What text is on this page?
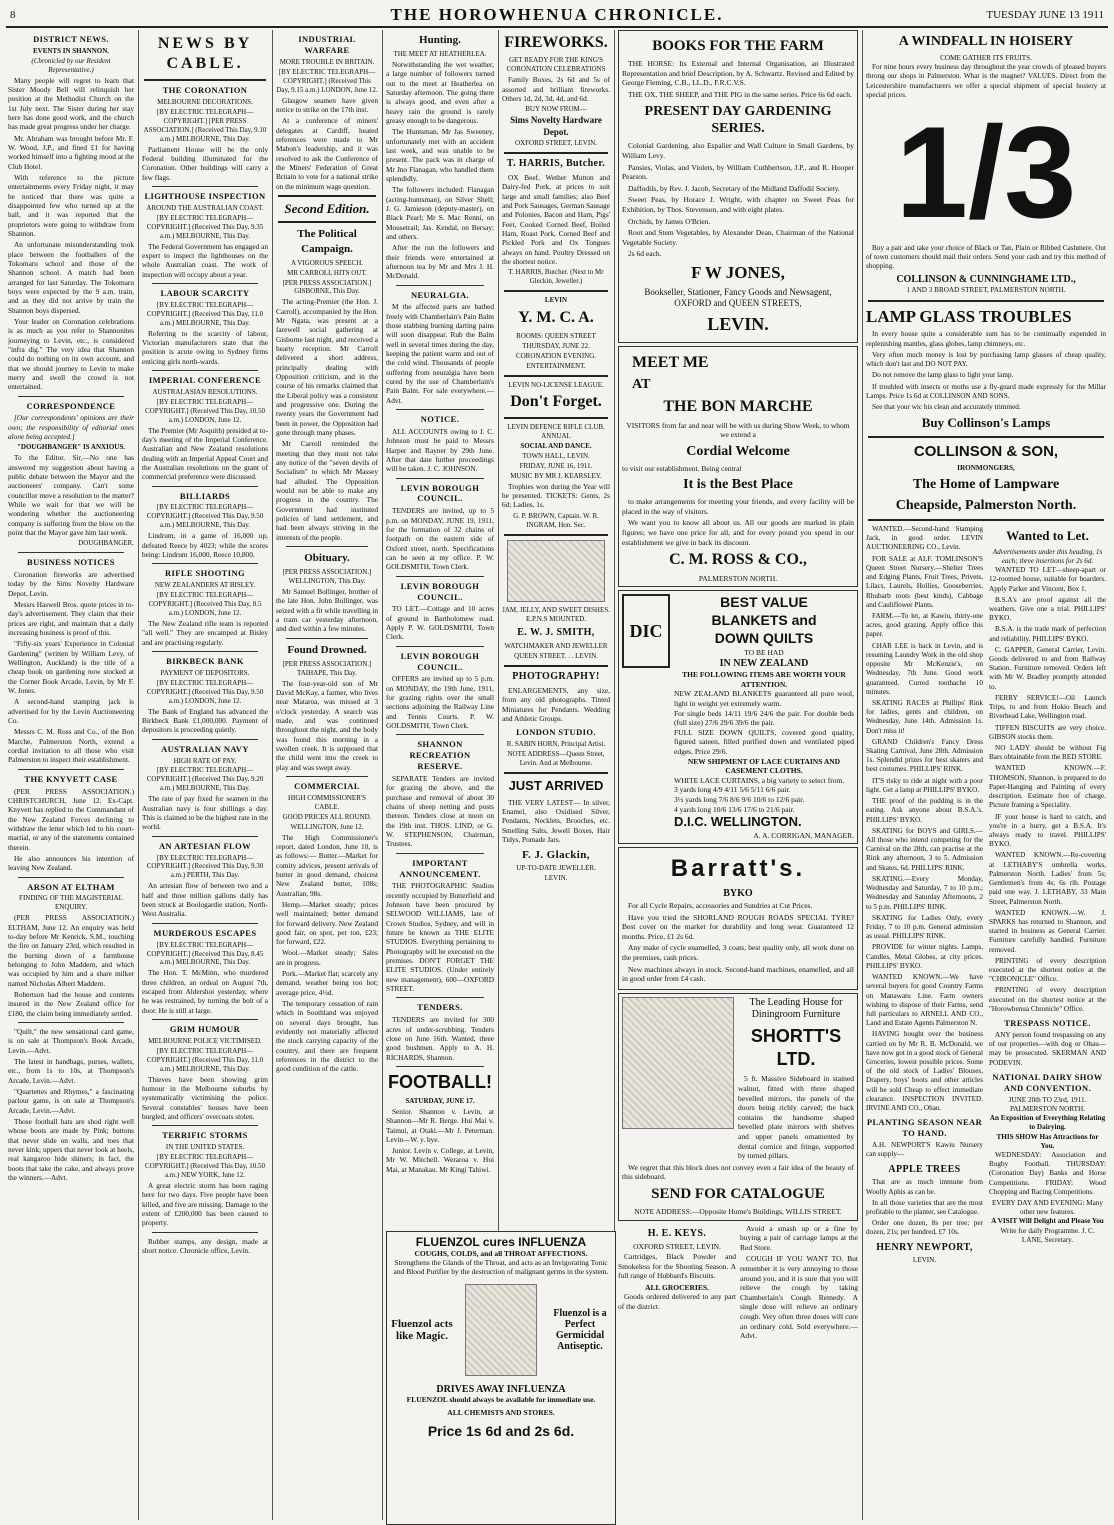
8	THE HOROWHENUA CHRONICLE.	TUESDAY JUNE 13 1911
DISTRICT NEWS.
EVENTS IN SHANNON.
(Chronicled by our Resident Representative.)

Many people will regret to learn that Sister Moody Bell will relinquish her position at the Methodist Church on the 1st July next. The Sister during her stay here has done good work, and the church has made great progress under her charge.

Mr. Abraham was brought before Mr. F. W. Wood, J.P., and fined £1 for having worked himself into a fighting mood at the Club Hotel.

With reference to the picture entertainments every Friday night, it may be noticed that there was quite a disappointed few who turned up at the hall, and it was reported that the proprietors were going to withdraw from Shannon.

An unfortunate misunderstanding took place between the footballers of the Tokomaru school and those of the Shannon school. A match had been arranged for last Saturday. The Tokomaru boys were expected by the 9 a.m. train, and as they did not arrive by train the Shannon boys dispersed.

Your leader on Coronation celebrations is as much as you refer to Shannonites journeying to Levin, etc., is considered "infra dig." The very idea that Shannon could do nothing on its own account, and that we should journey to Levin to make merry and swell the crowd is not entertained.

CORRESPONDENCE

[Our correspondents' opinions are their own; the responsibility of editorial ones alone being accepted.]

"DOUGHBANGER" IS ANXIOUS.

To the Editor. Sir,—No one has answered my suggestion about having a public debate between the Mayor and the auctioneers' company. Can't some councillor move a resolution to the matter? While we wait for that we will be wondering whether the auctioneering company is suffering from the blow on the point that the Mayor gave him last week.

DOUGHBANGER.
BUSINESS NOTICES

Coronation fireworks are advertised today by the Sims Novelty Hardware Depot, Levin.

Messrs Haswell Bros. quote prices in to-day's advertisement. They claim that their prices are right, and maintain that a daily increasing business is proof of this.

"Fifty-six years' Experience in Colonial Gardening" (written by William Levy, of Wellington, Auckland) is the title of a cheap book on gardening now stocked at the Corner Book Arcade, Levin, by Mr F. W. Jones.

A second-hand stamping jack is advertised for by the Levin Auctioneering Co.

Messrs C. M. Ross and Co., of the Bon Marche, Palmerston North, extend a cordial invitation to all those who visit Palmerston to inspect their establishment.

THE KNYVETT CASE

(PER PRESS ASSOCIATION.) CHRISTCHURCH, June 12. Ex-Capt. Knyvett has replied to the Commandant of the New Zealand Forces declining to withdraw the letter which led to his court-martial, or any of the statements contained therein.

He also announces his intention of leaving New Zealand.

ARSON AT ELTHAM
FINDING OF THE MAGISTERIAL ENQUIRY.

(PER PRESS ASSOCIATION.) ELTHAM, June 12. An enquiry was held to-day before Mr Kenrick, S.M., touching the fire on January 23rd, which resulted in the burning down of a farmhouse belonging to John Maddern, and which was occupied by him and a share milker named Nicholas Albert Maddern.

Robertson had the house and contents insured in the New Zealand office for £180, the claim being immediately settled.

"Quilt," the new sensational card game, is on sale at Thompson's Book Arcade, Levin.—Advt.

The latest in handbags, purses, wallets, etc., from 1s to 10s, at Thompson's Arcade, Levin.—Advt.

"Quartettes and Rhymes," a fascinating parlour game, is on sale at Thompson's Arcade, Levin.—Advt.

Those football hats are shod right well whose boots are made by Pink; buttons that never slide on walls, and toes that never kink; uppers that never look at heels, real kangaroo hide shiners; in fact, the boots that take the cake, and always prove the winners.—Advt.

NEWS BY CABLE.
THE CORONATION
MELBOURNE DECORATIONS.
[BY ELECTRIC TELEGRAPH—COPYRIGHT.] [PER PRESS ASSOCIATION.] (Received This Day, 9.10 a.m.) MELBOURNE, This Day.

Parliament House will be the only Federal building illuminated for the Coronation. Other buildings will carry a few flags.

LIGHTHOUSE INSPECTION
AROUND THE AUSTRALIAN COAST.
[BY ELECTRIC TELEGRAPH—COPYRIGHT.] (Received This Day, 9.35 a.m.) MELBOURNE, This Day.

The Federal Government has engaged an expert to inspect the lighthouses on the whole Australian coast. The work of inspection will occupy about a year.

LABOUR SCARCITY
[BY ELECTRIC TELEGRAPH—COPYRIGHT.] (Received This Day, 11.0 a.m.) MELBOURNE, This Day.

Referring to the scarcity of labour, Victorian manufacturers state that the position is acute owing to Sydney firms enticing girls north-wards.

IMPERIAL CONFERENCE
AUSTRALASIAN RESOLUTIONS.
[BY ELECTRIC TELEGRAPH—COPYRIGHT.] (Received This Day, 10.50 a.m.) LONDON, June 12.

The Premier (Mr Asquith) presided at to-day's meeting of the Imperial Conference. Australian and New Zealand resolutions dealing with an Imperial Appeal Court and the Australian resolutions on the grant of commercial preference were discussed.

BILLIARDS
[BY ELECTRIC TELEGRAPH—COPYRIGHT.] (Received This Day, 9.50 a.m.) MELBOURNE, This Day.

Lindrum, in a game of 16,000 up, defeated Reece by 4023; while the scores being: Lindrum 16,000, Reece 10,800.

RIFLE SHOOTING
NEW ZEALANDERS AT BISLEY.
[BY ELECTRIC TELEGRAPH—COPYRIGHT.] (Received This Day, 8.5 a.m.) LONDON, June 12.

The New Zealand rifle team is reported "all well." They are encamped at Bisley and are practising regularly.

BIRKBECK BANK
PAYMENT OF DEPOSITORS.
[BY ELECTRIC TELEGRAPH—COPYRIGHT.] (Received This Day, 9.50 a.m.) LONDON, June 12.

The Bank of England has advanced the Birkbeck Bank £1,000,000. Payment of depositors is proceeding quietly.

AUSTRALIAN NAVY
HIGH RATE OF PAY.
[BY ELECTRIC TELEGRAPH—COPYRIGHT.] (Received This Day, 9.20 a.m.) MELBOURNE, This Day.

The rate of pay fixed for seamen in the Australian navy is four shillings a day. This is claimed to be the highest rate in the world.

AN ARTESIAN FLOW
[BY ELECTRIC TELEGRAPH—COPYRIGHT.] (Received This Day, 9.30 a.m.) PERTH, This Day.

An artesian flow of between two and a half and three million gallons daily has been struck at Boologardie station, North-West Australia.

MURDEROUS ESCAPES
[BY ELECTRIC TELEGRAPH—COPYRIGHT.] (Received This Day, 8.45 a.m.) MELBOURNE, This Day.

The Hon. T. McMinn, who murdered three children, an ordeal on August 7th, escaped from Aldershot yesterday, where he was restrained, by turning the bolt of a door. He is still at large.

GRIM HUMOUR
MELBOURNE POLICE VICTIMISED.
[BY ELECTRIC TELEGRAPH—COPYRIGHT.] (Received This Day, 11.0 a.m.) MELBOURNE, This Day.

Thieves have been showing grim humour in the Melbourne suburbs by systematically victimising the police. Several constables' houses have been burgled, and officers' overcoats stolen.

TERRIFIC STORMS
IN THE UNITED STATES.
[BY ELECTRIC TELEGRAPH—COPYRIGHT.] (Received This Day, 10.50 a.m.) NEW YORK, June 12.

A great electric storm has been raging here for two days. Five people have been killed, and five are missing. Damage to the extent of £200,000 has been caused to property.

Rubber stamps, any design, made at short notice. Chronicle office, Levin.

INDUSTRIAL WARFARE
MORE TROUBLE IN BRITAIN.
[BY ELECTRIC TELEGRAPH—COPYRIGHT.] (Received This Day, 9.15 a.m.) LONDON, June 12.

Glasgow seamen have given notice to strike on the 17th inst.

At a conference of miners' delegates at Cardiff, heated references were made to Mr Mabon's leadership, and it was resolved to ask the Conference of the Miners' Federation of Great Britain to vote for a national strike on the minimum wage question.

Second Edition.
The Political Campaign.
A VIGOROUS SPEECH.
MR CARROLL HITS OUT.
[PER PRESS ASSOCIATION.] GISBORNE, This Day.

The acting-Premier (the Hon. J. Carroll), accompanied by the Hon. Mr Ngata, was present at a farewell social gathering at Gisborne last night, and received a hearty reception. Mr Carroll delivered a short address, principally dealing with Opposition criticism, and in the course of his remarks claimed that the Liberal policy was a consistent and progressive one. During the twenty years the Government had been in power, the Opposition had gone through many phases.

Mr Carroll reminded the meeting that they must not take any notice of the "seven devils of Socialism" to which Mr Massey had alluded. The Opposition would not be able to make any progress in the country. The Government had instituted policies of land settlement, and had been always striving in the interests of the people.

Obituary.
[PER PRESS ASSOCIATION.] WELLINGTON, This Day.

Mr Samuel Bollinger, brother of the late Hon. John Bollinger, was seized with a fit while travelling in a tram car yesterday afternoon, and died within a few minutes.

Found Drowned.
[PER PRESS ASSOCIATION.] TAIHAPE, This Day.

The four-year-old son of Mr David McKay, a farmer, who lives near Mataroa, was missed at 3 o'clock yesterday. A search was made, and was continued throughout the night, and the body was found this morning in a swollen creek. It is supposed that the child went into the creek to play and was swept away.

COMMERCIAL
HIGH COMMISSIONER'S CABLE.
GOOD PRICES ALL ROUND.
WELLINGTON, June 12.

The High Commissioner's report, dated London, June 10, is as follows:— Butter.—Market for comity advices, present arrivals of butter in good demand, choicest New Zealand butter, 108s; Australian, 98s.

Hemp.—Market steady; prices well maintained; better demand for forward delivery. New Zealand good fair, on spot, per ton, £23; for forward, £22.

Wool.—Market steady; Sales are in progress.

Pork.—Market flat; scarcely any demand, weather being too hot; average price, 4½d.

The temporary cessation of rain which in Southland was enjoyed on several days brought, has evidently not materially affected the stock carrying capacity of the country, and there are frequent references in the district to the good condition of the cattle.

Hunting.
THE MEET AT HEATHERLEA.

Notwithstanding the wet weather, a large number of followers turned out to the meet at Heatherlea on Saturday afternoon. The going there is always good, and even after a heavy rain the ground is rarely greasy enough to be dangerous.

The Huntsman, Mr Jas Sweeney, unfortunately met with an accident last week, and was unable to be present. The pack was in charge of Mr Jno Flanagan, who handled them splendidly.

The followers included: Flanagan (acting-huntsman), on Silver Shell; J. G. Jamieson (deputy-master), on Black Pearl; Mr S. Mac Renni, on Mousetrail; Jas. Kendal, on Bersay; and others.

After the run the followers and their friends were entertained at afternoon tea by Mr and Mrs J. H. McDonald.

NEURALGIA.

M the affected parts are bathed freely with Chamberlain's Pain Balm those stabbing burning darting pains will soon disappear. Rub the Balm well in several times during the day, keeping the patient warm and out of the cold wind. Thousands of people suffering from neuralgia have been cured by the use of Chamberlain's Pain Balm. For sale everywhere.—Advt.

NOTICE.

ALL ACCOUNTS owing to J. C. Johnson must be paid to Messrs Harper and Rayner by 29th June. After that date further proceedings will be taken. J. C. JOHNSON.

LEVIN BOROUGH COUNCIL.

TENDERS are invited, up to 5 p.m. on MONDAY, JUNE 19, 1911, for the formation of 32 chains of footpath on the eastern side of Oxford street, north. Specifications can be seen at my office. P. W. GOLDSMITH, Town Clerk.

LEVIN BOROUGH COUNCIL.

TO LET.—Cottage and 10 acres of ground in Bartholomew road. Apply P. W. GOLDSMITH, Town Clerk.

LEVIN BOROUGH COUNCIL.

OFFERS are invited up to 5 p.m. on MONDAY, the 19th June, 1911, for grazing rights over the small sections adjoining the Railway Line and Tennis Courts. P. W. GOLDSMITH, Town Clerk.

SHANNON RECREATION RESERVE.

SEPARATE Tenders are invited for grazing the above, and the purchase and removal of about 30 chains of sheep netting and posts thereon. Tenders close at noon on the 19th inst. THOS. LIND, or G. W. STEPHENSON, Chairman, Trustees.

IMPORTANT ANNOUNCEMENT.

THE PHOTOGRAPHIC Studios recently occupied by Butterfield and Johnson have been procured by SELWOOD WILLIAMS, late of Crown Studios, Sydney, and will in future be known as THE ELITE STUDIOS. Everything pertaining to Photography will be executed on the premises. DON'T FORGET THE ELITE STUDIOS. (Under entirely new management), 600—OXFORD STREET.

TENDERS.

TENDERS are invited for 300 acres of under-scrubbing. Tenders close on June 16th. Wanted, three good bushmen. Apply to A. H. RICHARDS, Shannon.

FOOTBALL!
SATURDAY, JUNE 17.

Senior. Shannon v. Levin, at Shannon—Mr R. Berge. Hui Mai v. Taimui, at Otaki.—Mr J. Peterman. Levin—W. y. bye.

Junior. Levin v. College, at Levin, Mr W. Mitchell. Weraroa v. Hui Mai, at Manakau. Mr Kingi Tahiwi.

FLUENZOL cures INFLUENZA
COUGHS, COLDS, and all THROAT AFFECTIONS.
Strengthens the Glands of the Throat, and acts as an Invigorating Tonic and Blood Purifier by the destruction of malignant germs in the system.
Fluenzol acts like Magic.
Fluenzol is a Perfect Germicidal Antiseptic.
DRIVES AWAY INFLUENZA
FLUENZOL should always be available for immediate use.
ALL CHEMISTS AND STORES.
Price 1s 6d and 2s 6d.
FIREWORKS.
GET READY FOR THE KING'S CORONATION CELEBRATIONS

Family Boxes, 2s 6d and 5s of assorted and brilliant fireworks. Others 1d, 2d, 3d, 4d, and 6d.

BUY NOW FROM—
Sims Novelty Hardware Depot.
OXFORD STREET, LEVIN.
T. HARRIS, Butcher.

OX Beef, Wether Mutton and Dairy-fed Pork, at prices to suit large and small families; also Beef and Pork Sausages, German Sausage and Polonies, Bacon and Ham, Pigs' Feet, Cooked Corned Beef, Boiled Ham, Roast Pork, Corned Beef and Pickled Pork and Ox Tongues always on hand. Poultry Dressed on the shortest notice.

T. HARRIS, Butcher. (Next to Mr Gleckin, Jeweller.)
LEVIN
Y. M. C. A.
ROOMS: QUEEN STREET
THURSDAY, JUNE 22.
CORONATION EVENING.
ENTERTAINMENT.
LEVIN NO-LICENSE LEAGUE.
Don't Forget.
LEVIN DEFENCE RIFLE CLUB. ANNUAL
SOCIAL AND DANCE.
TOWN HALL, LEVIN.
FRIDAY, JUNE 16, 1911.
MUSIC BY MR J. KEARSLEY.

Trophies won during the Year will be presented. TICKETS: Gents, 2s 6d; Ladies, 1s.

G. P. BROWN, Captain. W. R. INGRAM, Hon. Sec.
JAM, JELLY, AND SWEET DISHES. E.P.N.S MOUNTED.
E. W. J. SMITH,
WATCHMAKER AND JEWELLER
QUEEN STREET. . . LEVIN.
PHOTOGRAPHY!

ENLARGEMENTS, any size, from any old photographs. Tinted Miniatures for Pendants. Wedding and Athletic Groups.

LONDON STUDIO.
R. SABIN HORN, Principal Artist.
NOTE ADDRESS—Queen Street, Levin. And at Melbourne.
JUST ARRIVED

THE VERY LATEST— In silver, Enamel, also Oxidised Silver, Pendants, Necklets, Brooches, etc. Smelling Salts, Jewell Boxes, Hair Tidys, Pomade Jars.

F. J. Glackin,
UP-TO-DATE JEWELLER.
LEVIN.
BOOKS FOR THE FARM

THE HORSE: Its External and Internal Organisation, an Illustrated Representation and brief Description, by A. Schwartz. Revised and Edited by George Fleming, C.B., LL.D., F.R.C.V.S.

THE OX, THE SHEEP, and THE PIG in the same series. Price 6s 6d each.

PRESENT DAY GARDENING SERIES.

Colonial Gardening, also Espalier and Wall Culture in Small Gardens, by William Levy.

Pansies, Violas, and Violets, by William Cuthbertson, J.P., and R. Hooper Pearson.

Daffodils, by Rev. J. Jacob, Secretary of the Midland Daffodil Society.

Sweet Peas, by Horace J. Wright, with chapter on Sweet Peas for Exhibition, by Thos. Stevenson, and with eight plates.

Orchids, by James O'Brien.

Root and Stem Vegetables, by Alexander Dean, Chairman of the National Vegetable Society.

2s 6d each.

F W JONES,
Bookseller, Stationer, Fancy Goods and Newsagent,
OXFORD and QUEEN STREETS,
LEVIN.
MEET ME
AT
THE BON MARCHE
VISITORS from far and near will be with us during Show Week, to whom we extend a
Cordial Welcome
to visit our establishment. Being central
It is the Best Place

to make arrangements for meeting your friends, and every facility will be placed in the way of visitors.

We want you to know all about us. All our goods are marked in plain figures; we have one price for all, and for every pound you spend in our establishment we give in back its discount.

C. M. ROSS & CO.,
PALMERSTON NORTH.
DIC
BEST VALUE
BLANKETS and
DOWN QUILTS
TO BE HAD
IN NEW ZEALAND
THE FOLLOWING ITEMS ARE WORTH YOUR ATTENTION.
NEW ZEALAND BLANKETS guaranteed all pure wool, light in weight yet extremely warm.
For single beds 14/11 19/6 24/6 the pair. For double beds (full size) 27/6 29/6 39/6 the pair.
FULL SIZE DOWN QUILTS, covered good quality, figured sateen, filled purified down and ventilated piped edges. Price 29/6.
NEW SHIPMENT OF LACE CURTAINS AND CASEMENT CLOTHS.
WHITE LACE CURTAINS, a big variety to select from.
3 yards long 4/9 4/11 5/6 5/11 6/6 pair.
3½ yards long 7/6 8/6 9/6 10/6 to 12/6 pair.
4 yards long 10/6 13/6 17/6 to 21/6 pair.
D.I.C. WELLINGTON.
A. A. CORRIGAN, MANAGER.
Barratt's.
BYKO

For all Cycle Repairs, accessories and Sundries at Cut Prices.

Have you tried the SHORLAND ROUGH ROADS SPECIAL TYRE? Best cover on the market for durability and long wear. Guaranteed 12 months. Price, £1 2s 6d.

Any make of cycle enamelled, 3 coats, best quality only, all work done on the premises, cash prices.

New machines always in stock. Second-hand machines, enamelled, and all in good order from £4 cash.

The Leading House for Diningroom Furniture
SHORTT'S LTD.

5 ft. Massive Sideboard in stained walnut, fitted with three shaped bevelled mirrors, the panels of the doors being richly carved; the back contains the handsome shaped bevelled plate mirrors with shelves and upper panels ornamented by dental cornice and fringe, supported by turned pillars.

We regret that this block does not convey even a fair idea of the beauty of this sideboard.

SEND FOR CATALOGUE
NOTE ADDRESS:—Opposite Hume's Buildings, WILLIS STREET.
H. E. KEYS.
OXFORD STREET, LEVIN.

Cartridges, Black Powder and Smokeless for the Shooting Season. A full range of Hubbard's Biscuits.

ALL GROCERIES.

Goods ordered delivered to any part of the district.

Avoid a smash up or a fine by buying a pair of carriage lamps at the Red Store.

COUGH IF YOU WANT TO. But remember it is very annoying to those around you, and it is sure that you will relieve the cough by taking Chamberlain's Cough Remedy. A single dose will relieve an ordinary cough. Very often three doses will cure an ordinary cold. Sold everywhere.—Advt.

A WINDFALL IN HOISERY
COME GATHER ITS FRUITS.

For nine hours every business day throughout the year crowds of pleased buyers throng our shops in Palmerston. What is the magnet? VALUES. Direct from the Leicestershire manufacturers we offer a special shipment of special hosiery at special prices.

1/3

Buy a pair and take your choice of Black or Tan, Plain or Ribbed Cashmere. Out of town customers should mail their orders. Send your cash and try this method of shopping.

COLLINSON & CUNNINGHAME LTD.,
1 AND 3 BROAD STREET, PALMERSTON NORTH.
LAMP GLASS TROUBLES

In every house quite a considerable sum has to be continually expended in replenishing mantles, glass globes, lamp chimneys, etc.

Very often much money is lost by purchasing lamp glasses of cheap quality, which don't last and DO NOT PAY.

Do not remove the lamp glass to light your lamp.

If troubled with insects or moths use a fly-guard made expressly for the Millar Lamps. Price 1s 6d at COLLINSON AND SONS.

See that your wic his clean and accurately trimmed.

Buy Collinson's Lamps
COLLINSON & SON,
IRONMONGERS,
The Home of Lampware
Cheapside, Palmerston North.

WANTED.—Second-hand Stamping Jack, in good order. LEVIN AUCTIONEERING CO., Levin.

FOR SALE at ALF. TOMLINSON'S Queen Street Nursery.—Shelter Trees and Edging Plants, Fruit Trees, Privets, Lilacs, Laurels, Hollies, Gooseberries, Rhubarb roots (best kinds), Cabbage and Cauliflower Plants.

FARM.—To let, at Kawiu, thirty-one acres, good grazing. Apply office this paper.

CHAR LEE is back in Levin, and is resuming Laundry Work in the old shop opposite Mr McKenzie's, on Wednesday, 7th June. Good work guaranteed. Curred toothache 10 minutes.

SKATING RACES at Phillips' Rink for ladies, gents and children, on Wednesday, June 14th. Admission 1s. Don't miss it!

GRAND Children's Fancy Dress Skating Carnival, June 28th. Admission 1s. Splendid prizes for best skaters and best costumes. PHILLIPS' RINK.

IT'S risky to ride at night with a poor light. Get a lamp at PHILLIPS' BYKO.

THE proof of the pudding is in the eating. Ask anyone about B.S.A.'s. PHILLIPS' BYKO.

SKATING for BOYS and GIRLS.—All those who intend competing for the Carnival on the 28th, can practise at the Rink any afternoon, 3 to 5. Admission and Skates, 6d. PHILLIPS' RINK.

SKATING.—Every Monday, Wednesday and Saturday, 7 to 10 p.m.; Wednesday and Saturday Afternoons, 2 to 5 p.m. PHILLIPS' RINK.

SKATING for Ladies Only, every Friday, 7 to 10 p.m. General admission as usual. PHILLIPS' RINK.

PROVIDE for winter nights. Lamps, Candles, Metal Globes, at city prices. PHILLIPS' BYKO.

WANTED KNOWN.—We have several buyers for good Country Farms on Manawatu Line. Farm owners wishing to dispose of their Farms, send full particulars to ARNELL AND CO., Land and Estate Agents Palmerston N.

HAVING bought over the business carried on by Mr R. B. McDonald, we have now got in a good stock of General Groceries, lowest possible prices. Some of the old stock of Ladies' Blouses, Drapery, boys' boots and other articles will be sold Cheap to effect immediate clearance. INSPECTION INVITED. IRVINE AND CO., Ohau.

PLANTING SEASON NEAR TO HAND.

A.H. NEWPORT'S Kawiu Nursery can supply—

APPLE TREES

That are as much immune from Woolly Aphis as can be.

In all those varieties that are the most profitable to the planter, see Catalogue.

Order one dozen, 8s per tree; per dozen, 21s; per hundred, £7 10s.

HENRY NEWPORT,
LEVIN.
Wanted to Let.
Advertisements under this heading, 1s each; three insertions for 2s 6d.

WANTED TO LET—sheep-apart or 12-roomed house, suitable for boarders. Apply Parker and Vincent, Box 1.

B.S.A's are proof against all the weathers. Give one a trial. PHILLIPS' BYKO.

B.S.A. is the trade mark of perfection and reliability. PHILLIPS' BYKO.

C. GAPPER, General Carrier, Levin. Goods delivered to and from Railway Station. Furniture removed. Orders left with Mr W. Bradley promptly attended to.

FERRY SERVICE!—Oil Launch Trips, to and from Hokio Beach and Riverhead Lake, Wellington road.

TIFFEN BISCUITS are very choice. GIBSON stocks them.

NO LADY should be without Fig Bars obtainable from the RED STORE.

WANTED KNOWN.—F. THOMSON, Shannon, is prepared to do Paper-Hanging and Painting of every description. Estimate free of charge. Picture framing a Speciality.

IF your house is hard to catch, and you're in a hurry, get a B.S.A. It's always ready to travel. PHILLIPS' BYKO.

WANTED KNOWN.—Re-covering at LETHABY'S umbrella works, Palmerston North. Ladies' from 5s; Gentlemen's from 4s; 6s rib. Postage paid one way. J. LETHABY, 33 Main Street, Palmerston North.

WANTED KNOWN.—W. J. SPARKS has returned to Shannon, and started in business as General Carrier. Furniture carefully handled. Furniture removed.

PRINTING of every description executed at the shortest notice at the "CHRONICLE" Office.

PRINTING of every description executed on the shortest notice at the "Horowhenua Chronicle" Office.

TRESPASS NOTICE.

ANY person found trespassing on any of our properties—with dog or Ohau—may be prosecuted. SKERMAN AND PODEVIN.

NATIONAL DAIRY SHOW AND CONVENTION.
JUNE 20th TO 23rd, 1911.
PALMERSTON NORTH.
An Exposition of Everything Relating to Dairying.
THIS SHOW Has Attractions for You.

WEDNESDAY: Association and Rugby Football. THURSDAY: (Coronation Day) Banks and Horse Competitions. FRIDAY: Wood Chopping and Racing Competitions.

EVERY DAY AND EVENING: Many other new features.
A VISIT Will Delight and Please You
Write for daily Programme. J. C. LANE, Secretary.
